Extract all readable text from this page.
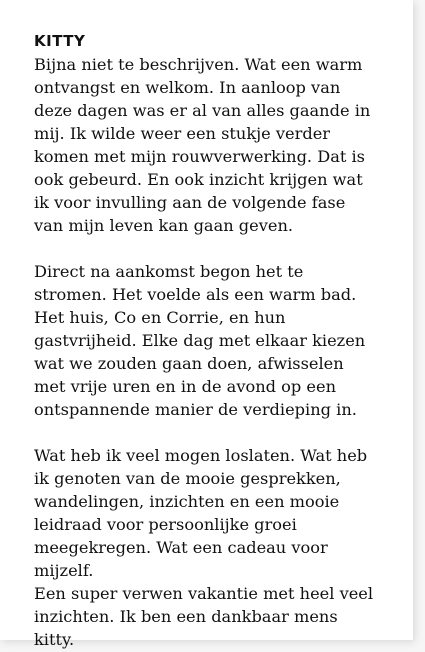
KITTY
Bijna niet te beschrijven. Wat een warm
ontvangst en welkom. In aanloop van
deze dagen was er al van alles gaande in
mij. Ik wilde weer een stukje verder
komen met mijn rouwverwerking. Dat is
ook gebeurd. En ook inzicht krijgen wat
ik voor invulling aan de volgende fase
van mijn leven kan gaan geven.
Direct na aankomst begon het te
stromen. Het voelde als een warm bad.
Het huis, Co en Corrie, en hun
gastvrijheid. Elke dag met elkaar kiezen
wat we zouden gaan doen, afwisselen
met vrije uren en in de avond op een
ontspannende manier de verdieping in.
Wat heb ik veel mogen loslaten. Wat heb
ik genoten van de mooie gesprekken,
wandelingen, inzichten en een mooie
leidraad voor persoonlijke groei
meegekregen. Wat een cadeau voor
mijzelf.
Een super verwen vakantie met heel veel
inzichten. Ik ben een dankbaar mens
kitty.
